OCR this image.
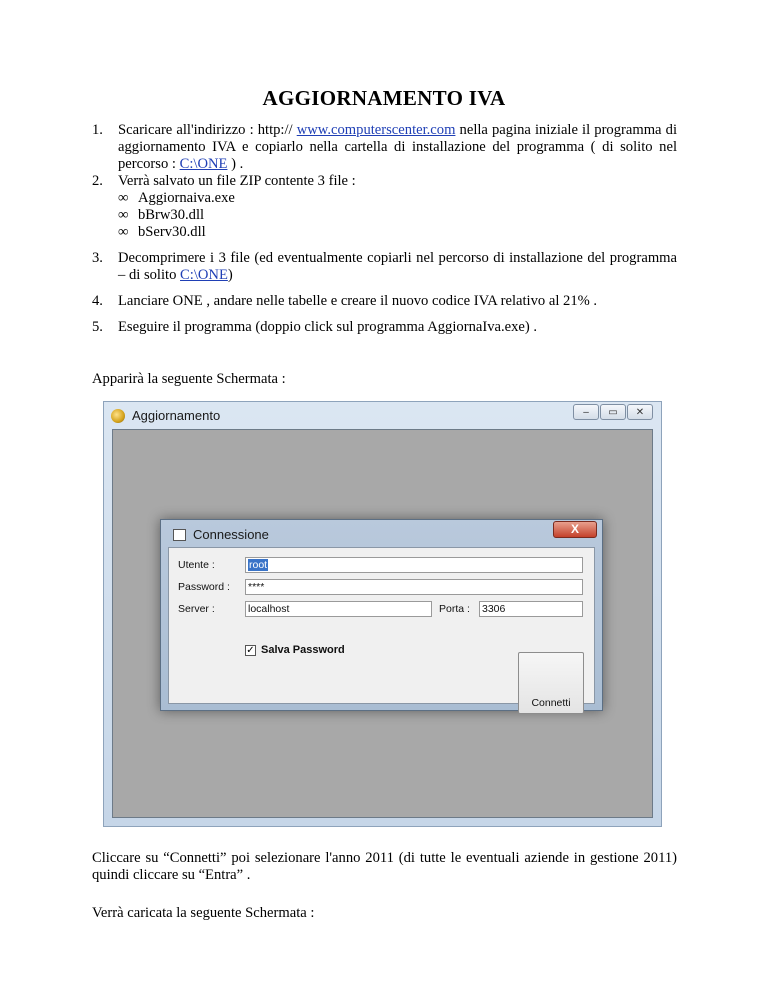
AGGIORNAMENTO IVA
1. Scaricare all'indirizzo : http:// www.computerscenter.com nella pagina iniziale il programma di aggiornamento IVA e copiarlo nella cartella di installazione del programma ( di solito nel percorso : C:\ONE ) .
2. Verrà salvato un file ZIP contente 3 file :
∞ Aggiornaiva.exe
∞ bBrw30.dll
∞ bServ30.dll
3. Decomprimere i 3 file (ed eventualmente copiarli nel percorso di installazione del programma – di solito C:\ONE)
4. Lanciare ONE , andare nelle tabelle e creare il nuovo codice IVA relativo al 21% .
5. Eseguire il programma (doppio click sul programma AggiornaIva.exe) .
Apparirà la seguente Schermata :
Aggiornamento	–	▭	✕
Connessione	X
Utente :	root
Password : ****
Server :	localhost	Porta : 3306
✓ Salva Password
Connetti
Cliccare su “Connetti” poi selezionare l'anno 2011 (di tutte le eventuali aziende in gestione 2011) quindi cliccare su “Entra” .
Verrà caricata la seguente Schermata :
